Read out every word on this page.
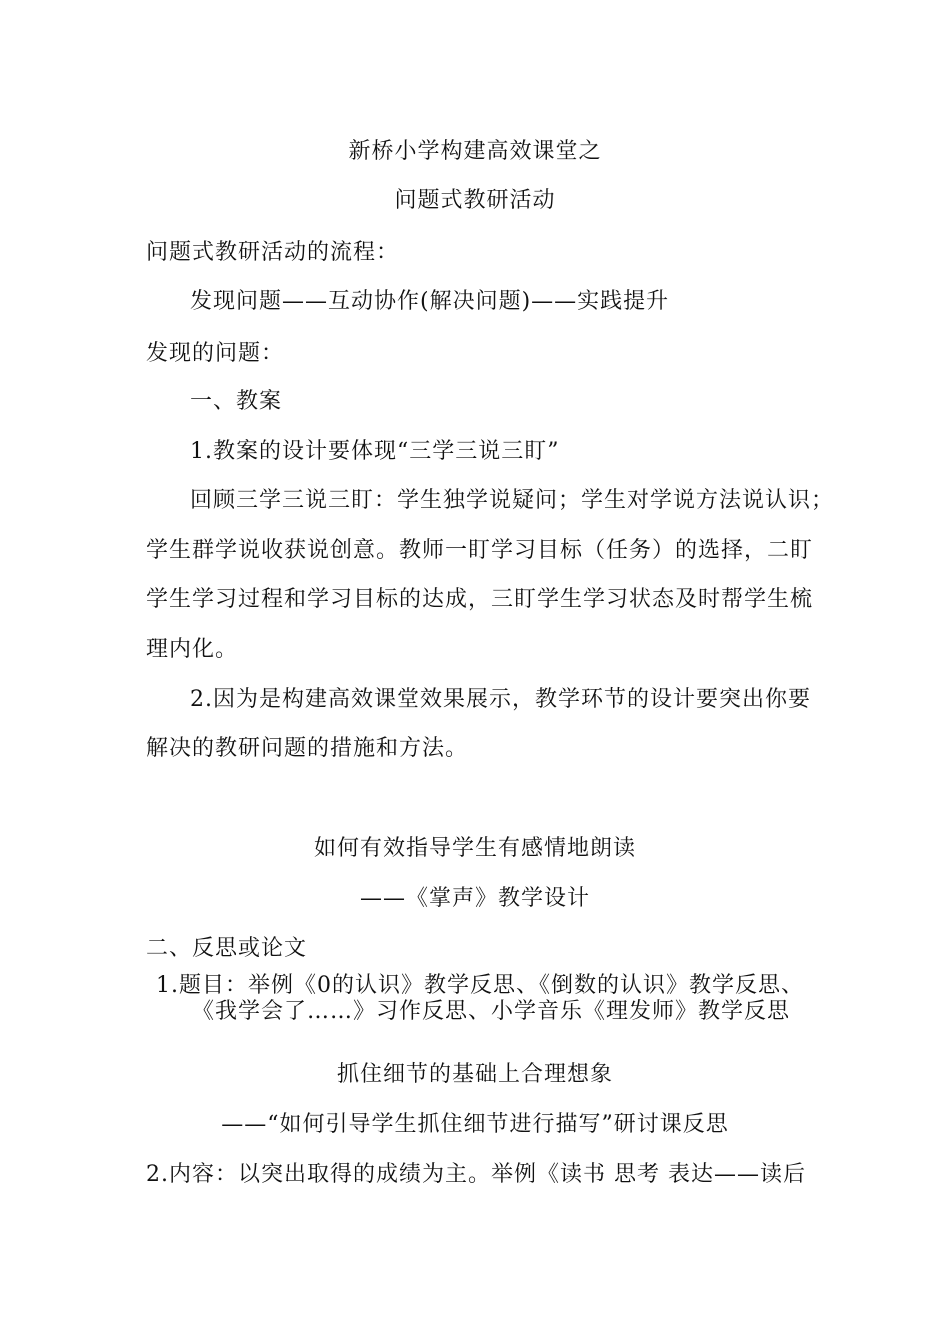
新桥小学构建高效课堂之
问题式教研活动
问题式教研活动的流程：
发现问题——互动协作(解决问题)——实践提升
发现的问题：
一、教案
1.教案的设计要体现“三学三说三盯”
回顾三学三说三盯：学生独学说疑问；学生对学说方法说认识；
学生群学说收获说创意。教师一盯学习目标（任务）的选择，二盯
学生学习过程和学习目标的达成，三盯学生学习状态及时帮学生梳
理内化。
2.因为是构建高效课堂效果展示，教学环节的设计要突出你要
解决的教研问题的措施和方法。
如何有效指导学生有感情地朗读
——《掌声》教学设计
二、反思或论文
1.题目：举例《0的认识》教学反思、《倒数的认识》教学反思、
《我学会了……》习作反思、小学音乐《理发师》教学反思
抓住细节的基础上合理想象
——“如何引导学生抓住细节进行描写”研讨课反思
2.内容：以突出取得的成绩为主。举例《读书 思考 表达——读后
